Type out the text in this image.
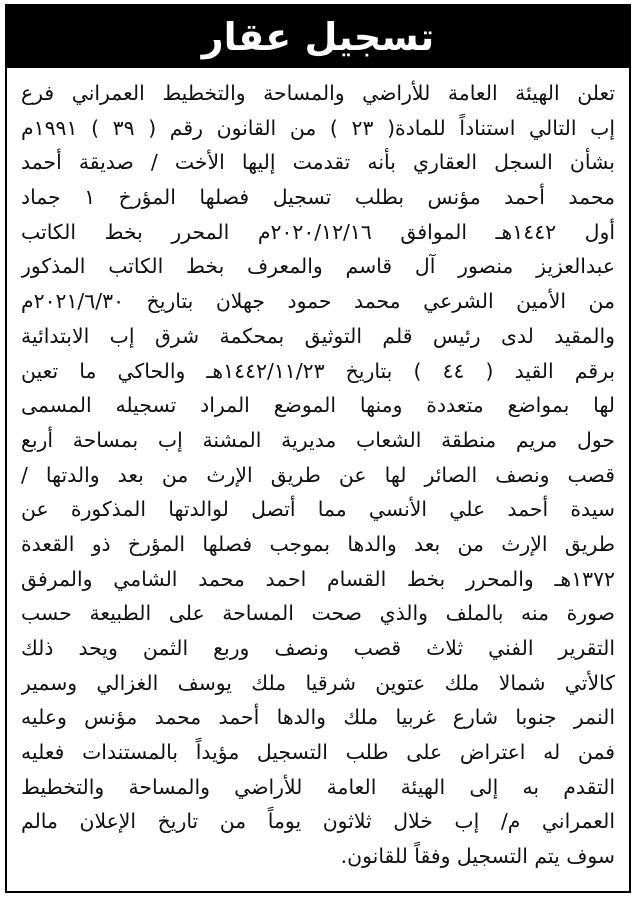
تسجيل عقار
تعلن الهيئة العامة للأراضي والمساحة والتخطيط العمراني فرع
إب التالي استناداً للمادة( ٢٣ ) من القانون رقم ( ٣٩ ) ١٩٩١م
بشأن السجل العقاري بأنه تقدمت إليها الأخت / صديقة أحمد
محمد أحمد مؤنس بطلب تسجيل فصلها المؤرخ ١ جماد
أول ١٤٤٢هـ الموافق ٢٠٢٠/١٢/١٦م المحرر بخط الكاتب
عبدالعزيز منصور آل قاسم والمعرف بخط الكاتب المذكور
من الأمين الشرعي محمد حمود جهلان بتاريخ ٢٠٢١/٦/٣٠م
والمقيد لدى رئيس قلم التوثيق بمحكمة شرق إب الابتدائية
برقم القيد ( ٤٤ ) بتاريخ ١٤٤٢/١١/٢٣هـ والحاكي ما تعين
لها بمواضع متعددة ومنها الموضع المراد تسجيله المسمى
حول مريم منطقة الشعاب مديرية المشنة إب بمساحة أربع
قصب ونصف الصائر لها عن طريق الإرث من بعد والدتها /
سيدة أحمد علي الأنسي مما أتصل لوالدتها المذكورة عن
طريق الإرث من بعد والدها بموجب فصلها المؤرخ ذو القعدة
١٣٧٢هـ والمحرر بخط القسام احمد محمد الشامي والمرفق
صورة منه بالملف والذي صحت المساحة على الطبيعة حسب
التقرير الفني ثلاث قصب ونصف وربع الثمن ويحد ذلك
كالأتي شمالا ملك عتوين شرقيا ملك يوسف الغزالي وسمير
النمر جنوبا شارع غربيا ملك والدها أحمد محمد مؤنس وعليه
فمن له اعتراض على طلب التسجيل مؤيداً بالمستندات فعليه
التقدم به إلى الهيئة العامة للأراضي والمساحة والتخطيط
العمراني م/ إب خلال ثلاثون يوماً من تاريخ الإعلان مالم
سوف يتم التسجيل وفقاً للقانون.
